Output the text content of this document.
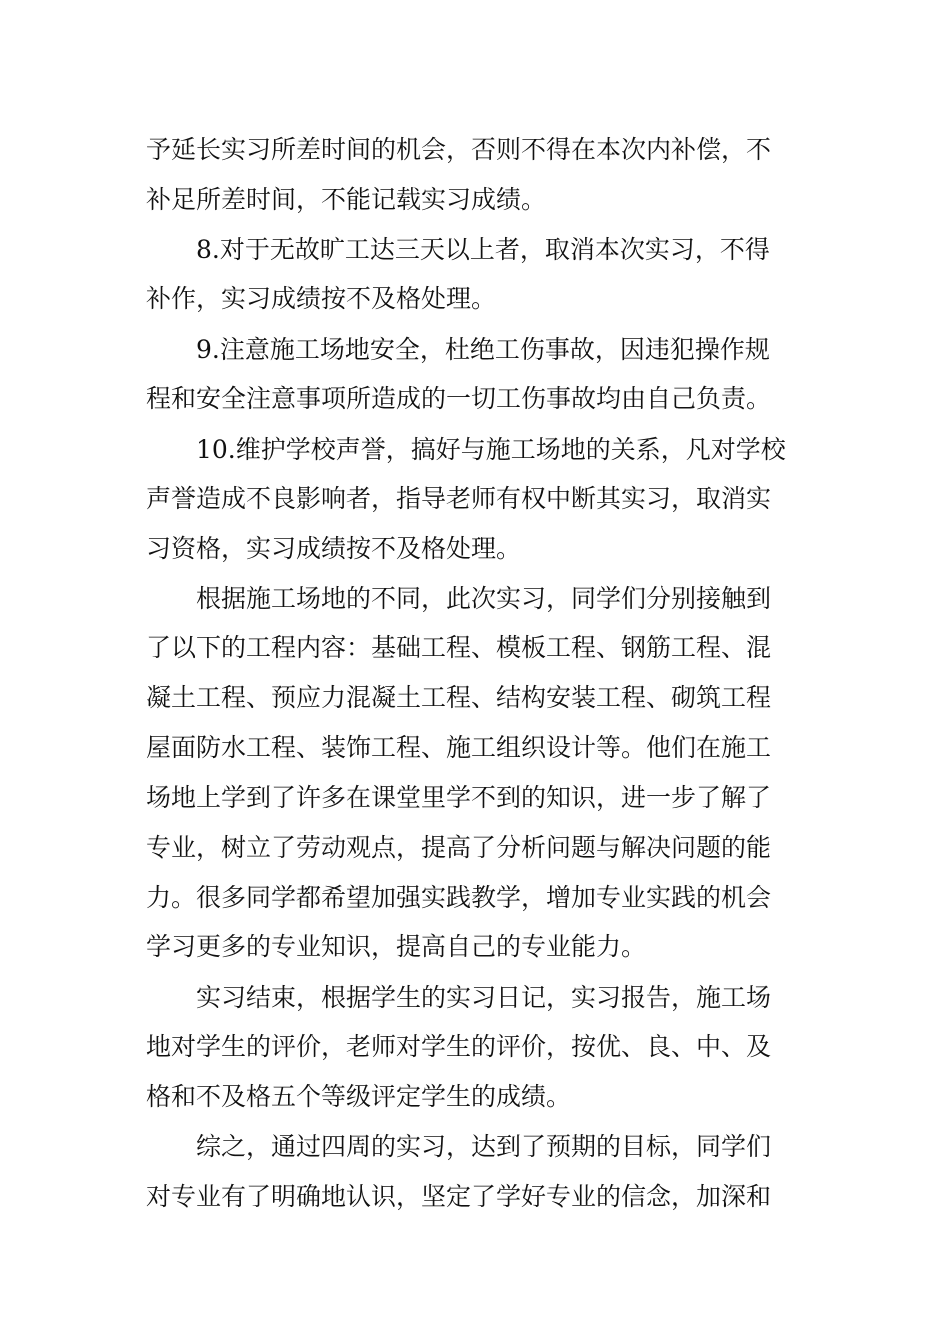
予延长实习所差时间的机会，否则不得在本次内补偿，不
补足所差时间，不能记载实习成绩。
8.对于无故旷工达三天以上者，取消本次实习，不得
补作，实习成绩按不及格处理。
9.注意施工场地安全，杜绝工伤事故，因违犯操作规
程和安全注意事项所造成的一切工伤事故均由自己负责。
10.维护学校声誉，搞好与施工场地的关系，凡对学校
声誉造成不良影响者，指导老师有权中断其实习，取消实
习资格，实习成绩按不及格处理。
根据施工场地的不同，此次实习，同学们分别接触到
了以下的工程内容：基础工程、模板工程、钢筋工程、混
凝土工程、预应力混凝土工程、结构安装工程、砌筑工程
屋面防水工程、装饰工程、施工组织设计等。他们在施工
场地上学到了许多在课堂里学不到的知识，进一步了解了
专业，树立了劳动观点，提高了分析问题与解决问题的能
力。很多同学都希望加强实践教学，增加专业实践的机会
学习更多的专业知识，提高自己的专业能力。
实习结束，根据学生的实习日记，实习报告，施工场
地对学生的评价，老师对学生的评价，按优、良、中、及
格和不及格五个等级评定学生的成绩。
综之，通过四周的实习，达到了预期的目标，同学们
对专业有了明确地认识，坚定了学好专业的信念，加深和
